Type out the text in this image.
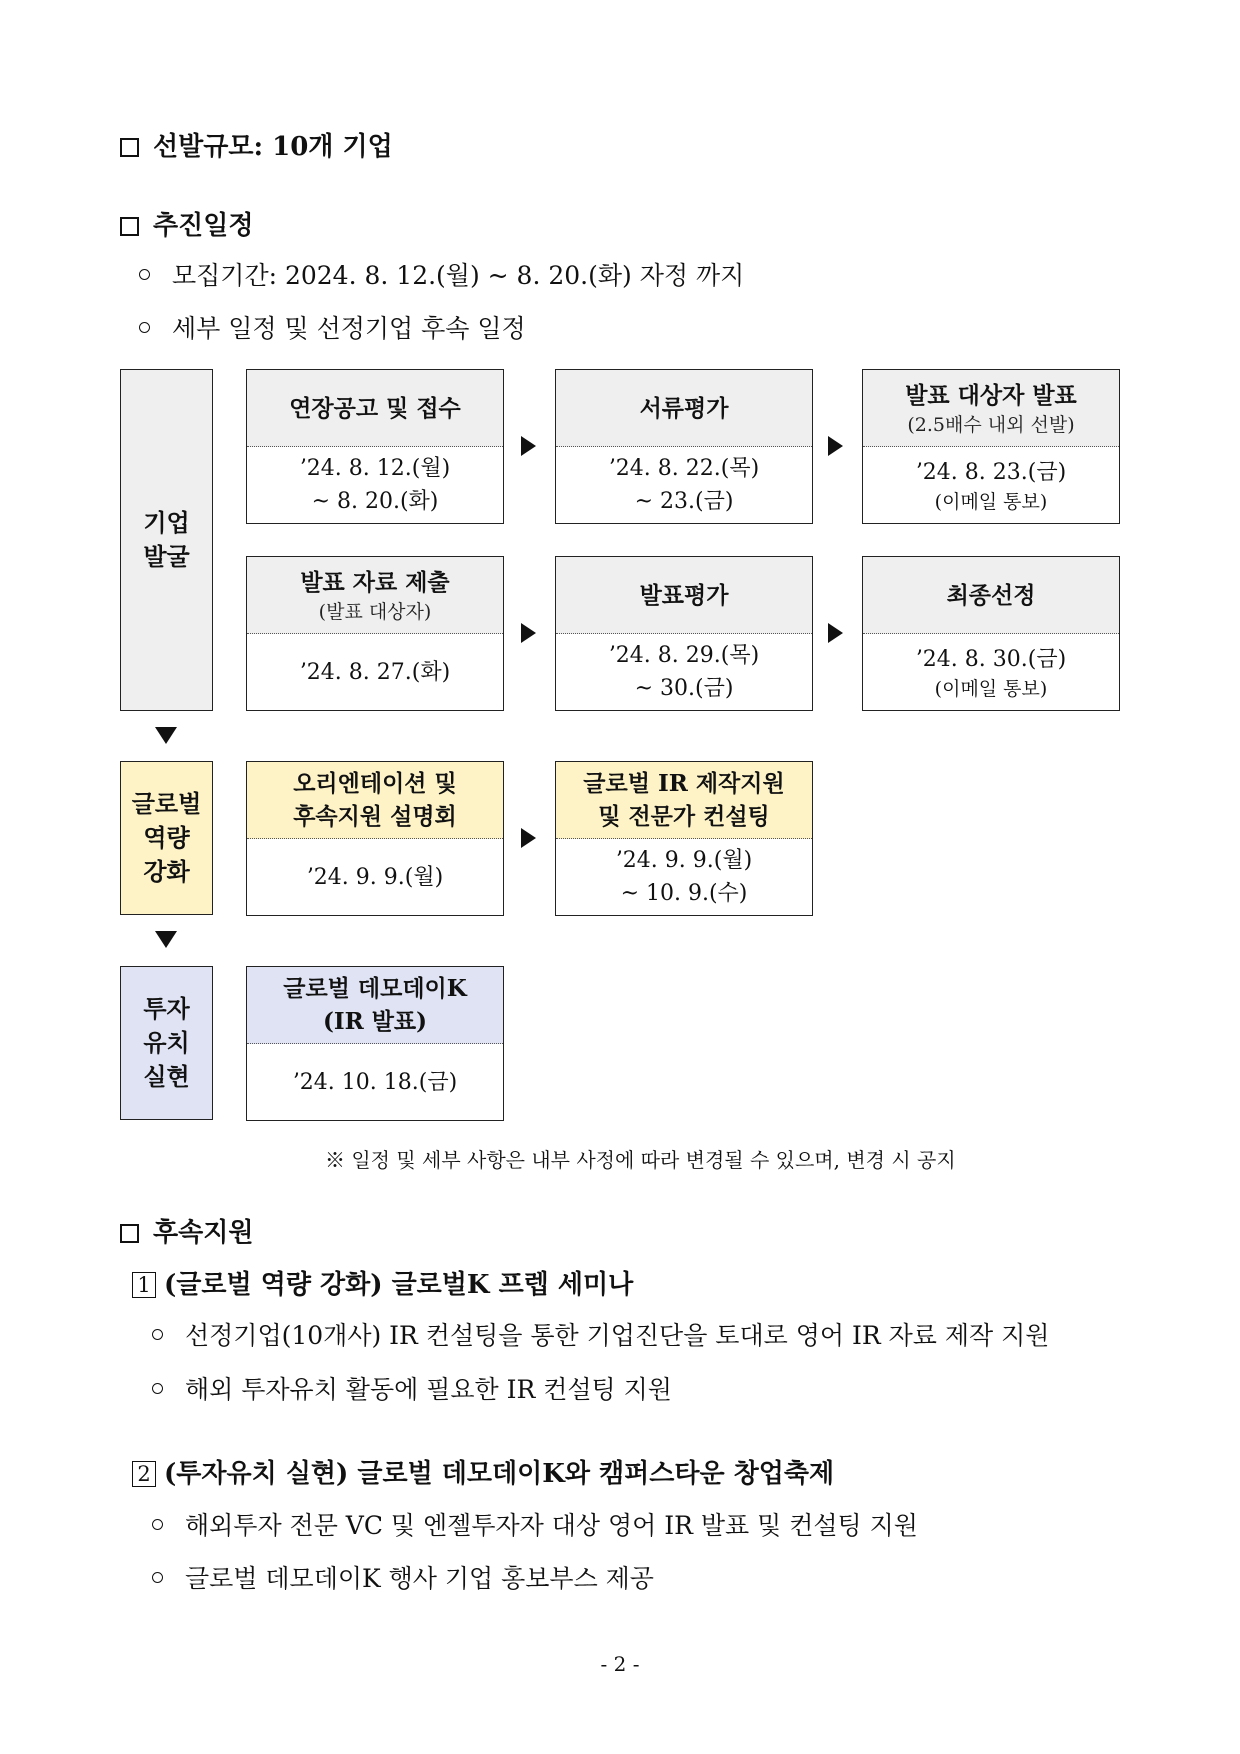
선발규모: 10개 기업
추진일정
모집기간: 2024. 8. 12.(월) ~ 8. 20.(화) 자정 까지
세부 일정 및 선정기업 후속 일정
기업
발굴
글로벌
역량
강화
투자
유치
실현
연장공고 및 접수
’24. 8. 12.(월)
~ 8. 20.(화)
서류평가
’24. 8. 22.(목)
~ 23.(금)
발표 대상자 발표
(2.5배수 내외 선발)
’24. 8. 23.(금)
(이메일 통보)
발표 자료 제출
(발표 대상자)
’24. 8. 27.(화)
발표평가
’24. 8. 29.(목)
~ 30.(금)
최종선정
’24. 8. 30.(금)
(이메일 통보)
오리엔테이션 및
후속지원 설명회
’24. 9. 9.(월)
글로벌 IR 제작지원
및 전문가 컨설팅
’24. 9. 9.(월)
~ 10. 9.(수)
글로벌 데모데이K
(IR 발표)
’24. 10. 18.(금)
※ 일정 및 세부 사항은 내부 사정에 따라 변경될 수 있으며, 변경 시 공지
후속지원
1 (글로벌 역량 강화) 글로벌K 프렙 세미나
선정기업(10개사) IR 컨설팅을 통한 기업진단을 토대로 영어 IR 자료 제작 지원
해외 투자유치 활동에 필요한 IR 컨설팅 지원
2 (투자유치 실현) 글로벌 데모데이K와 캠퍼스타운 창업축제
해외투자 전문 VC 및 엔젤투자자 대상 영어 IR 발표 및 컨설팅 지원
글로벌 데모데이K 행사 기업 홍보부스 제공
- 2 -
